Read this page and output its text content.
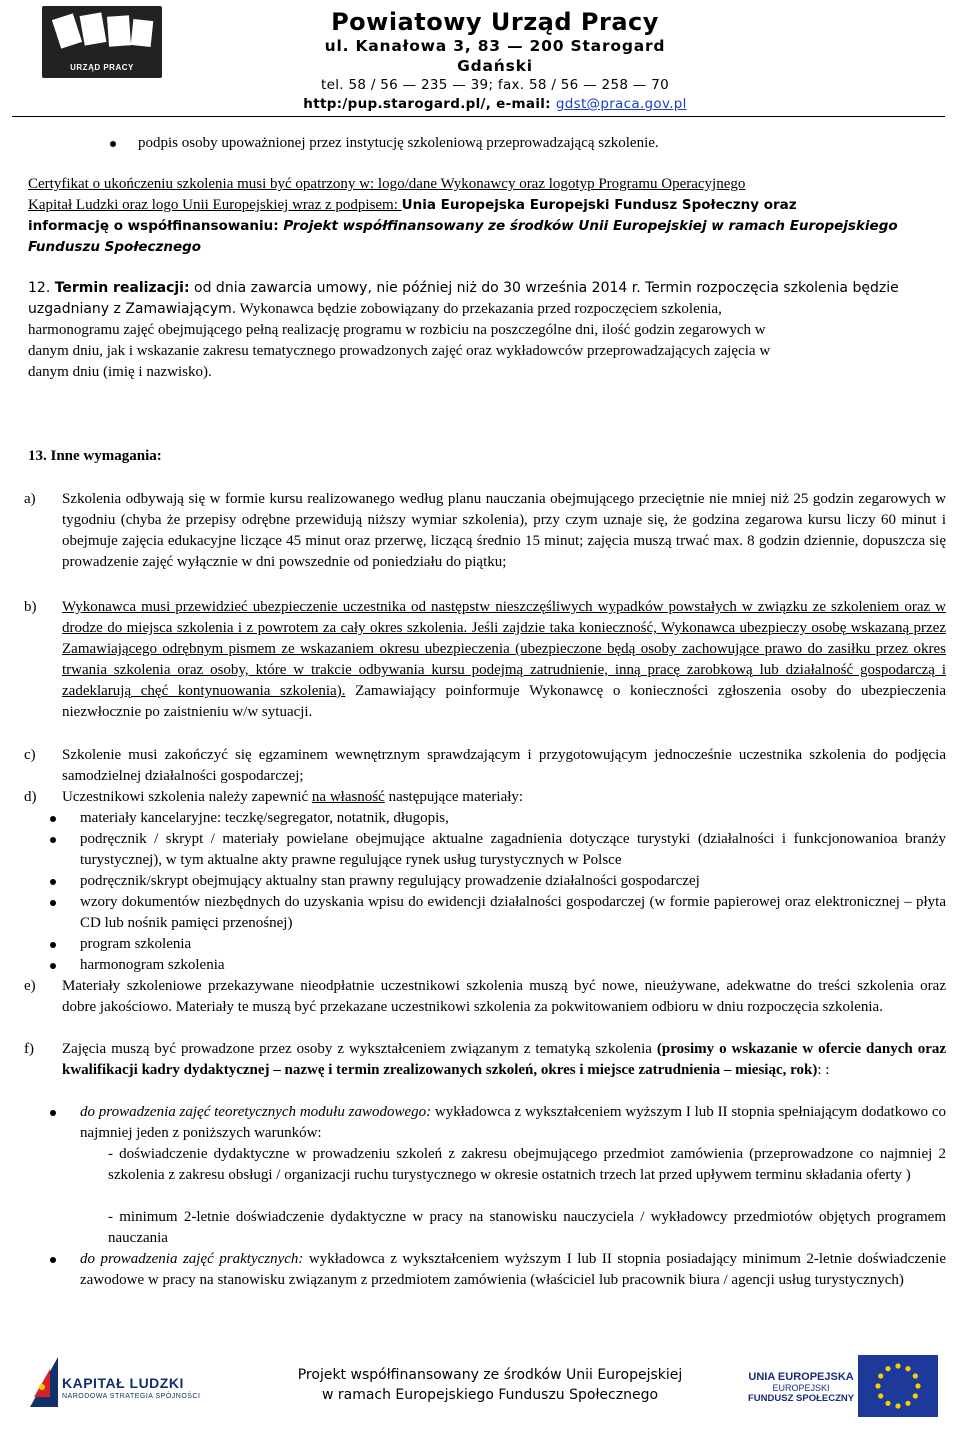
URZĄD PRACY
Powiatowy Urząd Pracy
ul. Kanałowa 3, 83 — 200 Starogard Gdański
tel. 58 / 56 — 235 — 39; fax. 58 / 56 — 258 — 70
http:/pup.starogard.pl/, e-mail: gdst@praca.gov.pl
podpis osoby upoważnionej przez instytucję szkoleniową przeprowadzającą szkolenie.
Certyfikat o ukończeniu szkolenia musi być opatrzony w: logo/dane Wykonawcy oraz logotyp Programu Operacyjnego
Kapitał Ludzki oraz logo Unii Europejskiej wraz z podpisem: Unia Europejska Europejski Fundusz Społeczny oraz
informację o współfinansowaniu: Projekt współfinansowany ze środków Unii Europejskiej w ramach Europejskiego
Funduszu Społecznego
12. Termin realizacji: od dnia zawarcia umowy, nie później niż do 30 września 2014 r. Termin rozpoczęcia szkolenia będzie
uzgadniany z Zamawiającym. Wykonawca będzie zobowiązany do przekazania przed rozpoczęciem szkolenia,
harmonogramu zajęć obejmującego pełną realizację programu w rozbiciu na poszczególne dni, ilość godzin zegarowych w
danym dniu, jak i wskazanie zakresu tematycznego prowadzonych zajęć oraz wykładowców przeprowadzających zajęcia w
danym dniu (imię i nazwisko).
13. Inne wymagania:
a) Szkolenia odbywają się w formie kursu realizowanego według planu nauczania obejmującego przeciętnie nie mniej niż 25 godzin zegarowych w tygodniu (chyba że przepisy odrębne przewidują niższy wymiar szkolenia), przy czym uznaje się, że godzina zegarowa kursu liczy 60 minut i obejmuje zajęcia edukacyjne liczące 45 minut oraz przerwę, liczącą średnio 15 minut; zajęcia muszą trwać max. 8 godzin dziennie, dopuszcza się prowadzenie zajęć wyłącznie w dni powszednie od poniedziału do piątku;
b) Wykonawca musi przewidzieć ubezpieczenie uczestnika od następstw nieszczęśliwych wypadków powstałych w związku ze szkoleniem oraz w drodze do miejsca szkolenia i z powrotem za cały okres szkolenia. Jeśli zajdzie taka konieczność, Wykonawca ubezpieczy osobę wskazaną przez Zamawiającego odrębnym pismem ze wskazaniem okresu ubezpieczenia (ubezpieczone będą osoby zachowujące prawo do zasiłku przez okres trwania szkolenia oraz osoby, które w trakcie odbywania kursu podejmą zatrudnienie, inną pracę zarobkową lub działalność gospodarczą i zadeklarują chęć kontynuowania szkolenia). Zamawiający poinformuje Wykonawcę o konieczności zgłoszenia osoby do ubezpieczenia niezwłocznie po zaistnieniu w/w sytuacji.
c) Szkolenie musi zakończyć się egzaminem wewnętrznym sprawdzającym i przygotowującym jednocześnie uczestnika szkolenia do podjęcia samodzielnej działalności gospodarczej;
d) Uczestnikowi szkolenia należy zapewnić na własność następujące materiały:
materiały kancelaryjne: teczkę/segregator, notatnik, długopis,
podręcznik / skrypt / materiały powielane obejmujące aktualne zagadnienia dotyczące turystyki (działalności i funkcjonowanioa branży turystycznej), w tym aktualne akty prawne regulujące rynek usług turystycznych w Polsce
podręcznik/skrypt obejmujący aktualny stan prawny regulujący prowadzenie działalności gospodarczej
wzory dokumentów niezbędnych do uzyskania wpisu do ewidencji działalności gospodarczej (w formie papierowej oraz elektronicznej – płyta CD lub nośnik pamięci przenośnej)
program szkolenia
harmonogram szkolenia
e) Materiały szkoleniowe przekazywane nieodpłatnie uczestnikowi szkolenia muszą być nowe, nieużywane, adekwatne do treści szkolenia oraz dobre jakościowo. Materiały te muszą być przekazane uczestnikowi szkolenia za pokwitowaniem odbioru w dniu rozpoczęcia szkolenia.
f) Zajęcia muszą być prowadzone przez osoby z wykształceniem związanym z tematyką szkolenia (prosimy o wskazanie w ofercie danych oraz kwalifikacji kadry dydaktycznej – nazwę i termin zrealizowanych szkoleń, okres i miejsce zatrudnienia – miesiąc, rok): :
do prowadzenia zajęć teoretycznych modułu zawodowego: wykładowca z wykształceniem wyższym I lub II stopnia spełniającym dodatkowo co najmniej jeden z poniższych warunków:
- doświadczenie dydaktyczne w prowadzeniu szkoleń z zakresu obejmującego przedmiot zamówienia (przeprowadzone co najmniej 2 szkolenia z zakresu obsługi / organizacji ruchu turystycznego w okresie ostatnich trzech lat przed upływem terminu składania oferty )
- minimum 2-letnie doświadczenie dydaktyczne w pracy na stanowisku nauczyciela / wykładowcy przedmiotów objętych programem nauczania
do prowadzenia zajęć praktycznych: wykładowca z wykształceniem wyższym I lub II stopnia posiadający minimum 2-letnie doświadczenie zawodowe w pracy na stanowisku związanym z przedmiotem zamówienia (właściciel lub pracownik biura / agencji usług turystycznych)
KAPITAŁ LUDZKI
NARODOWA STRATEGIA SPÓJNOŚCI
Projekt współfinansowany ze środków Unii Europejskiej
w ramach Europejskiego Funduszu Społecznego
UNIA EUROPEJSKA
EUROPEJSKI
FUNDUSZ SPOŁECZNY
